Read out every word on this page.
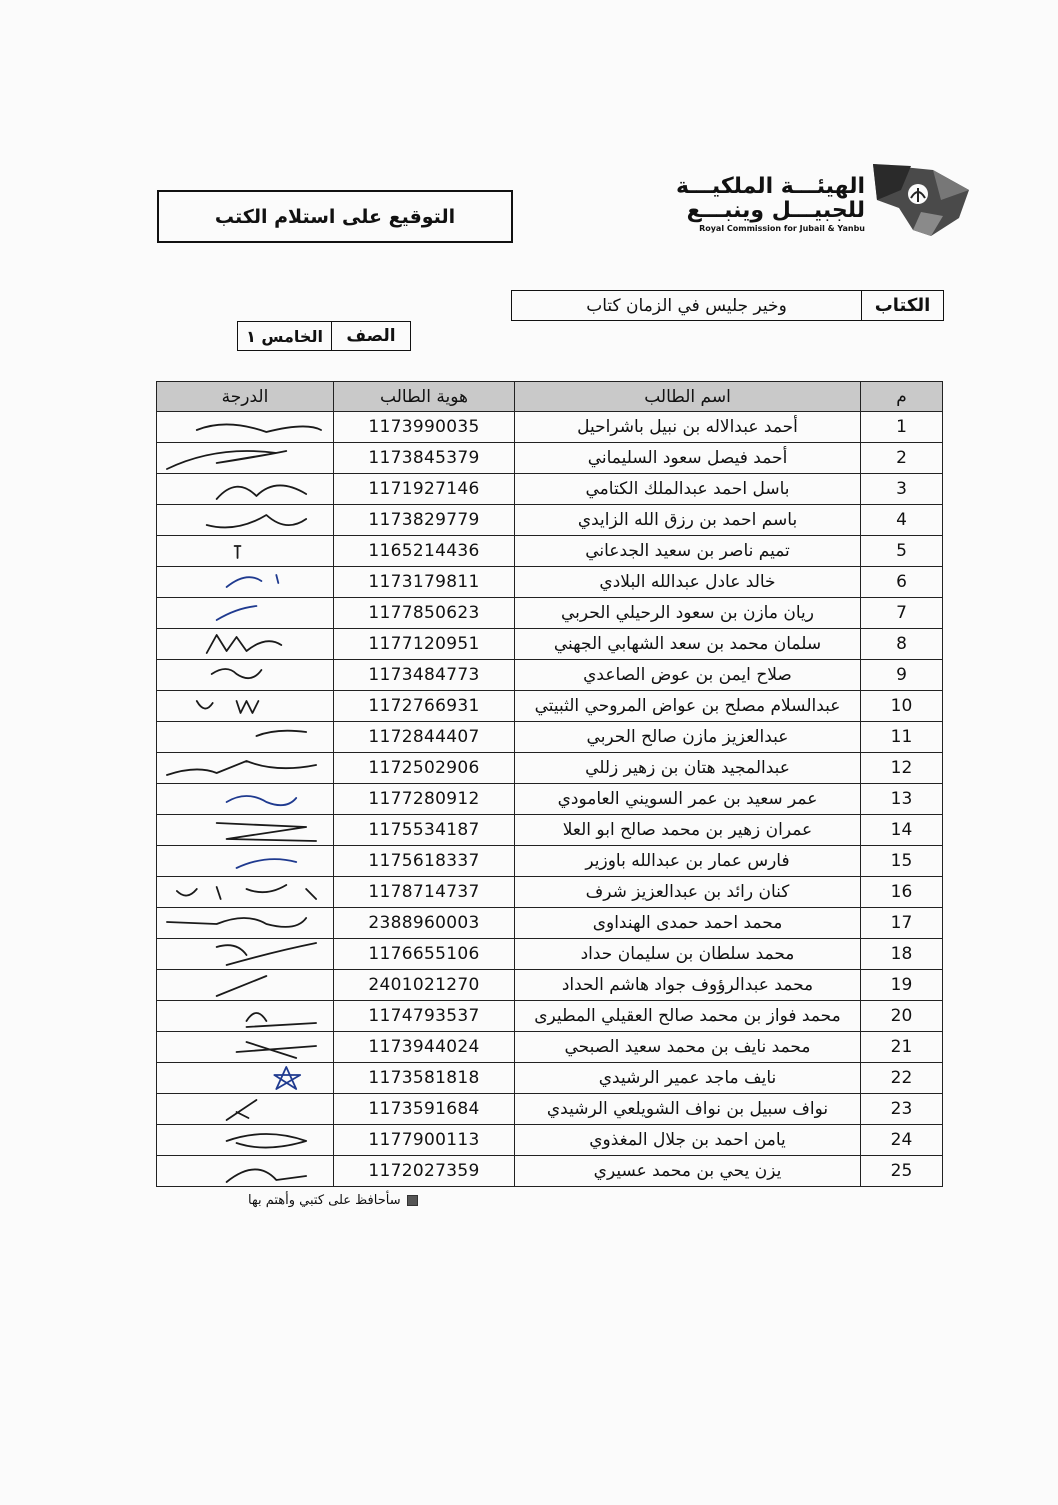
الهيئـــة الملكيـــة
للجبيـــل وينبـــع
Royal Commission for Jubail & Yanbu
التوقيع على استلام الكتب
الكتاب
وخير جليس في الزمان كتاب
الصف
الخامس ١
م	اسم الطالب	هوية الطالب	الدرجة
1	أحمد عبدالاله بن نبيل باشراحيل	1173990035	

2	أحمد فيصل سعود السليماني	1173845379	

3	باسل احمد عبدالملك الكتامي	1171927146	

4	باسم احمد بن رزق الله الزايدي	1173829779	

5	تميم ناصر بن سعيد الجدعاني	1165214436	

6	خالد عادل عبدالله البلادي	1173179811	

7	ريان مازن بن سعود الرحيلي الحربي	1177850623	

8	سلمان محمد بن سعد الشهابي الجهني	1177120951	

9	صلاح ايمن بن عوض الصاعدي	1173484773	

10	عبدالسلام مصلح بن عواض المروحي الثبيتي	1172766931	

11	عبدالعزيز مازن صالح الحربي	1172844407	

12	عبدالمجيد هتان بن زهير زللي	1172502906	

13	عمر سعيد بن عمر السويني العامودي	1177280912	

14	عمران زهير بن محمد صالح ابو العلا	1175534187	

15	فارس عمار بن عبدالله باوزير	1175618337	

16	كنان رائد بن عبدالعزيز شرف	1178714737	

17	محمد احمد حمدى الهنداوى	2388960003	

18	محمد سلطان بن سليمان حداد	1176655106	

19	محمد عبدالرؤوف جواد هاشم الحداد	2401021270	

20	محمد فواز بن محمد صالح العقيلي المطيرى	1174793537	

21	محمد نايف بن محمد سعيد الصبحي	1173944024	

22	نايف ماجد عمير الرشيدي	1173581818	

23	نواف سبيل بن نواف الشويلعي الرشيدي	1173591684	

24	يامن احمد بن جلال المغذوي	1177900113	

25	يزن يحي بن محمد عسيري	1172027359	
سأحافظ على كتبي وأهتم بها
